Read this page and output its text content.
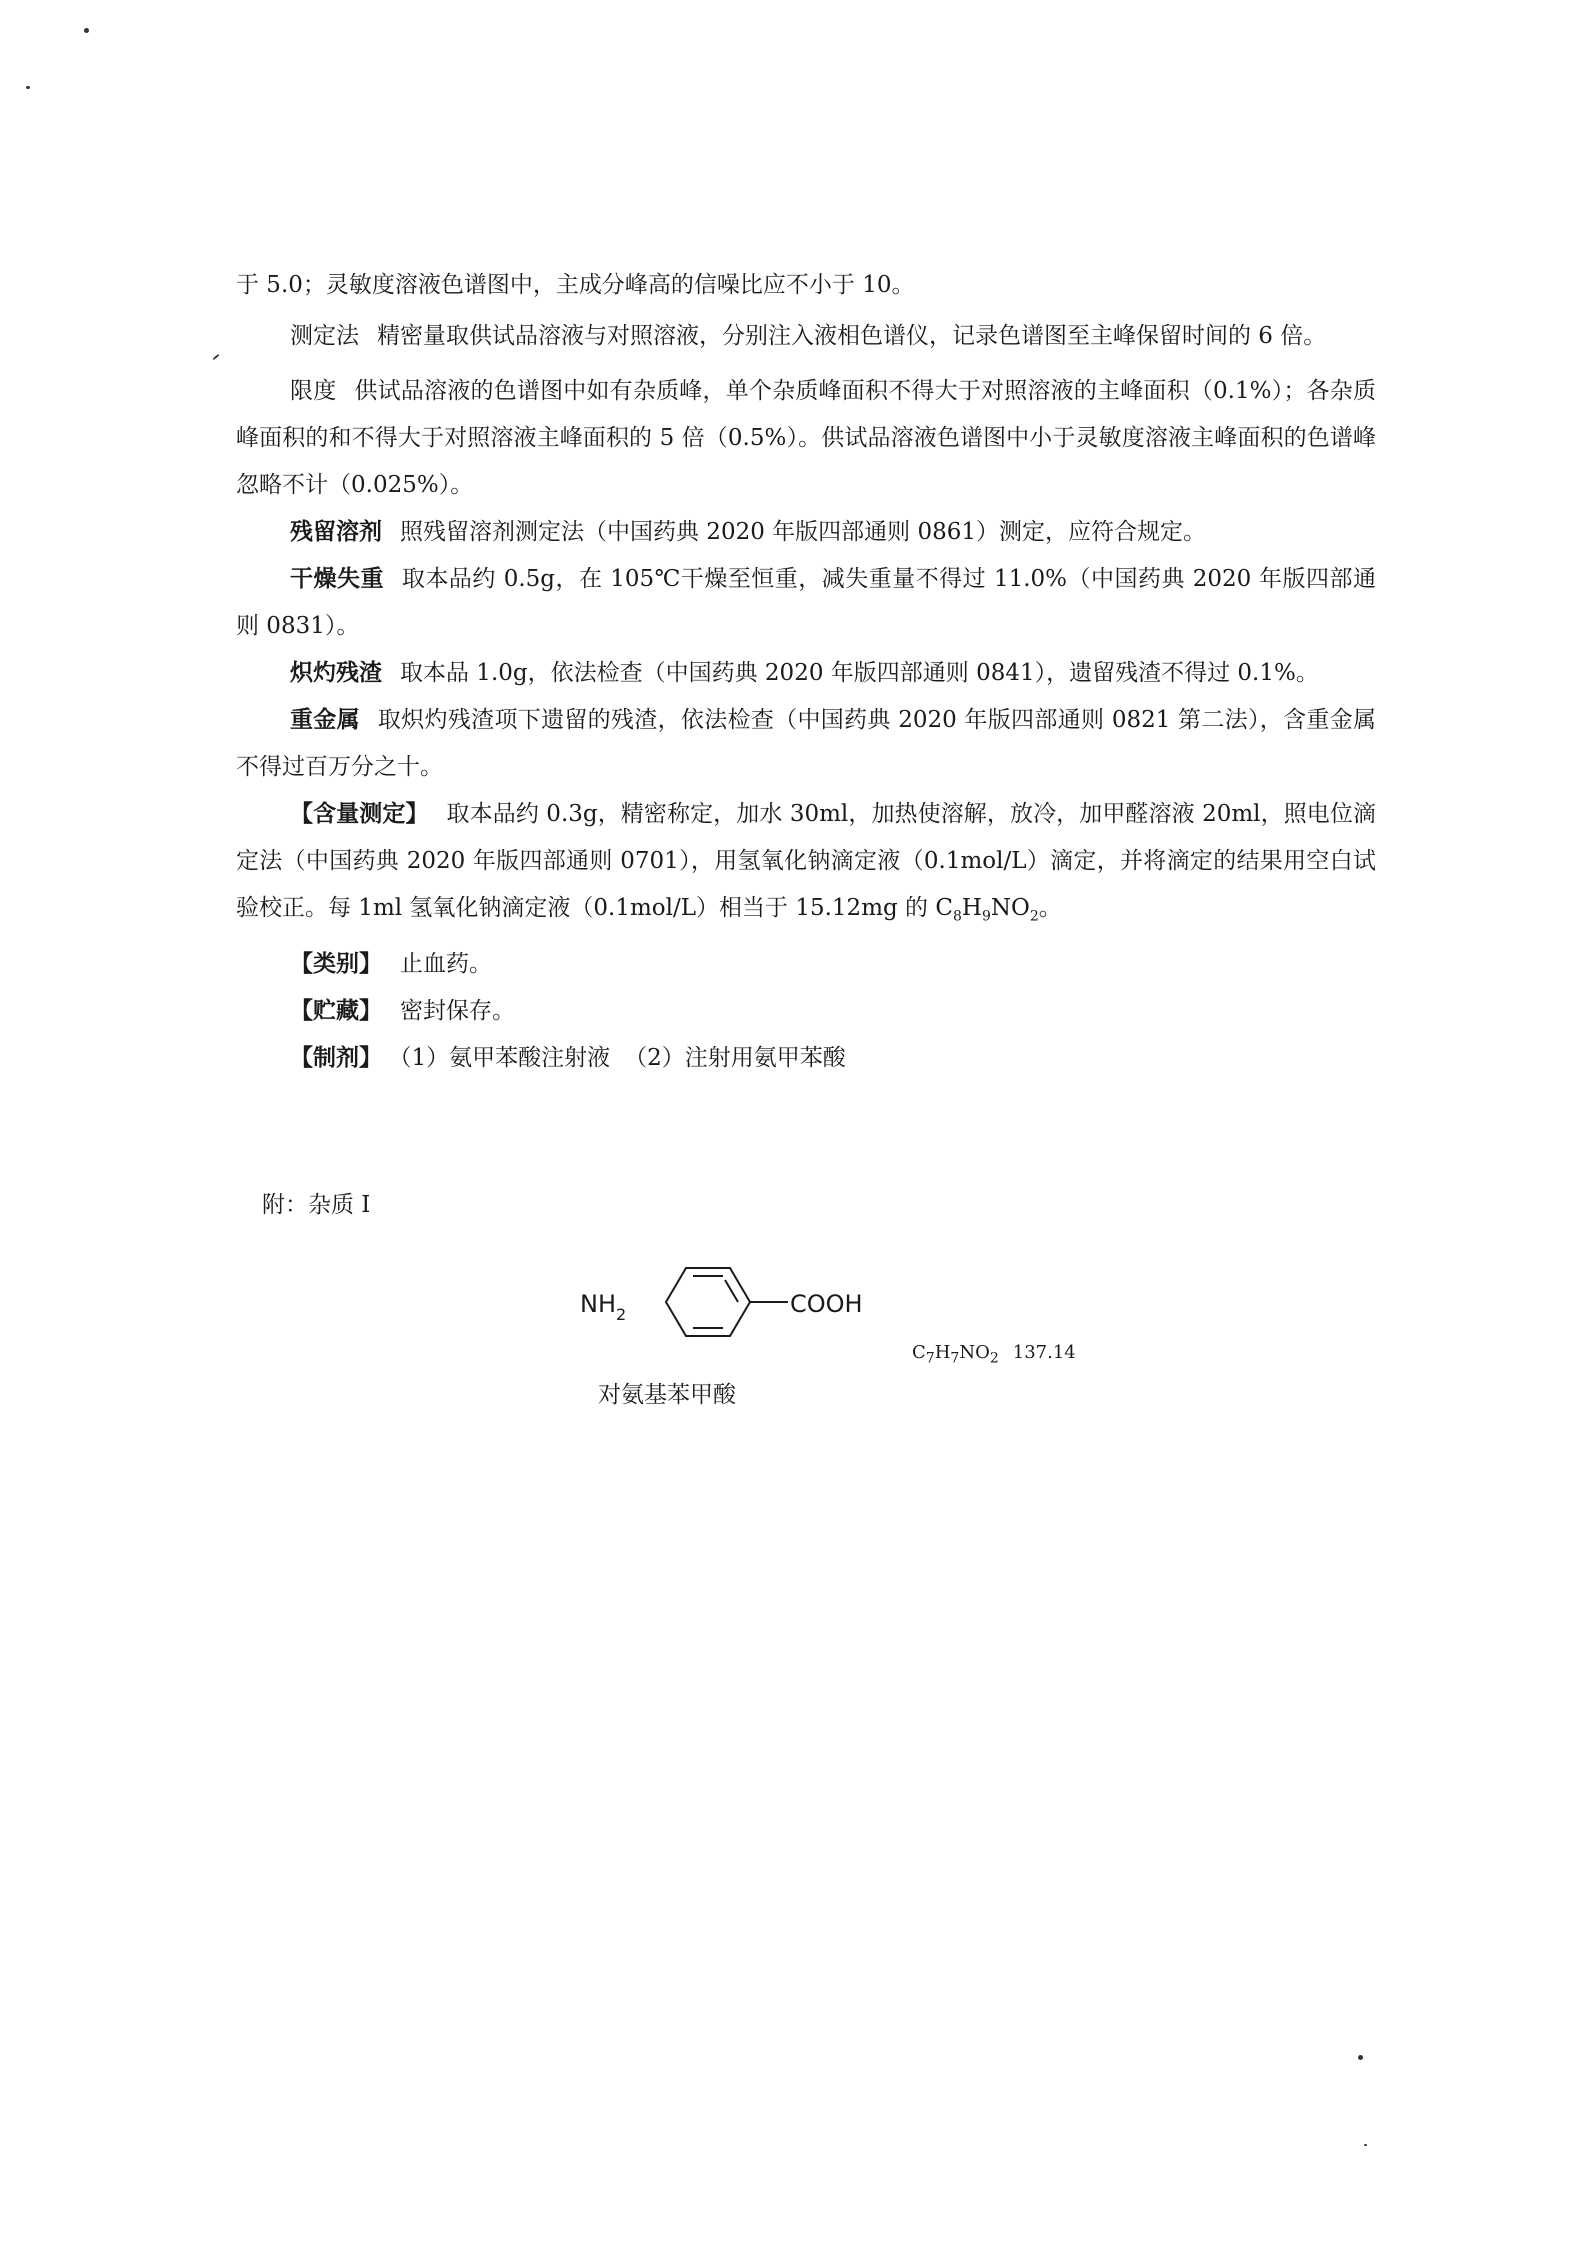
于 5.0；灵敏度溶液色谱图中，主成分峰高的信噪比应不小于 10。

测定法 精密量取供试品溶液与对照溶液，分别注入液相色谱仪，记录色谱图至主峰保留时间的 6 倍。

限度 供试品溶液的色谱图中如有杂质峰，单个杂质峰面积不得大于对照溶液的主峰面积（0.1%）；各杂质峰面积的和不得大于对照溶液主峰面积的 5 倍（0.5%）。供试品溶液色谱图中小于灵敏度溶液主峰面积的色谱峰忽略不计（0.025%）。

残留溶剂 照残留溶剂测定法（中国药典 2020 年版四部通则 0861）测定，应符合规定。

干燥失重 取本品约 0.5g，在 105℃干燥至恒重，减失重量不得过 11.0%（中国药典 2020 年版四部通则 0831）。

炽灼残渣 取本品 1.0g，依法检查（中国药典 2020 年版四部通则 0841），遗留残渣不得过 0.1%。

重金属 取炽灼残渣项下遗留的残渣，依法检查（中国药典 2020 年版四部通则 0821 第二法），含重金属不得过百万分之十。

【含量测定】 取本品约 0.3g，精密称定，加水 30ml，加热使溶解，放冷，加甲醛溶液 20ml，照电位滴定法（中国药典 2020 年版四部通则 0701），用氢氧化钠滴定液（0.1mol/L）滴定，并将滴定的结果用空白试验校正。每 1ml 氢氧化钠滴定液（0.1mol/L）相当于 15.12mg 的 $C_8H_9NO_2$。

【类别】 止血药。

【贮藏】 密封保存。

【制剂】 （1）氨甲苯酸注射液 （2）注射用氨甲苯酸

附：杂质 I
$NH_2$	COOH
$C_7H_7NO_2$ 137.14
对氨基苯甲酸
